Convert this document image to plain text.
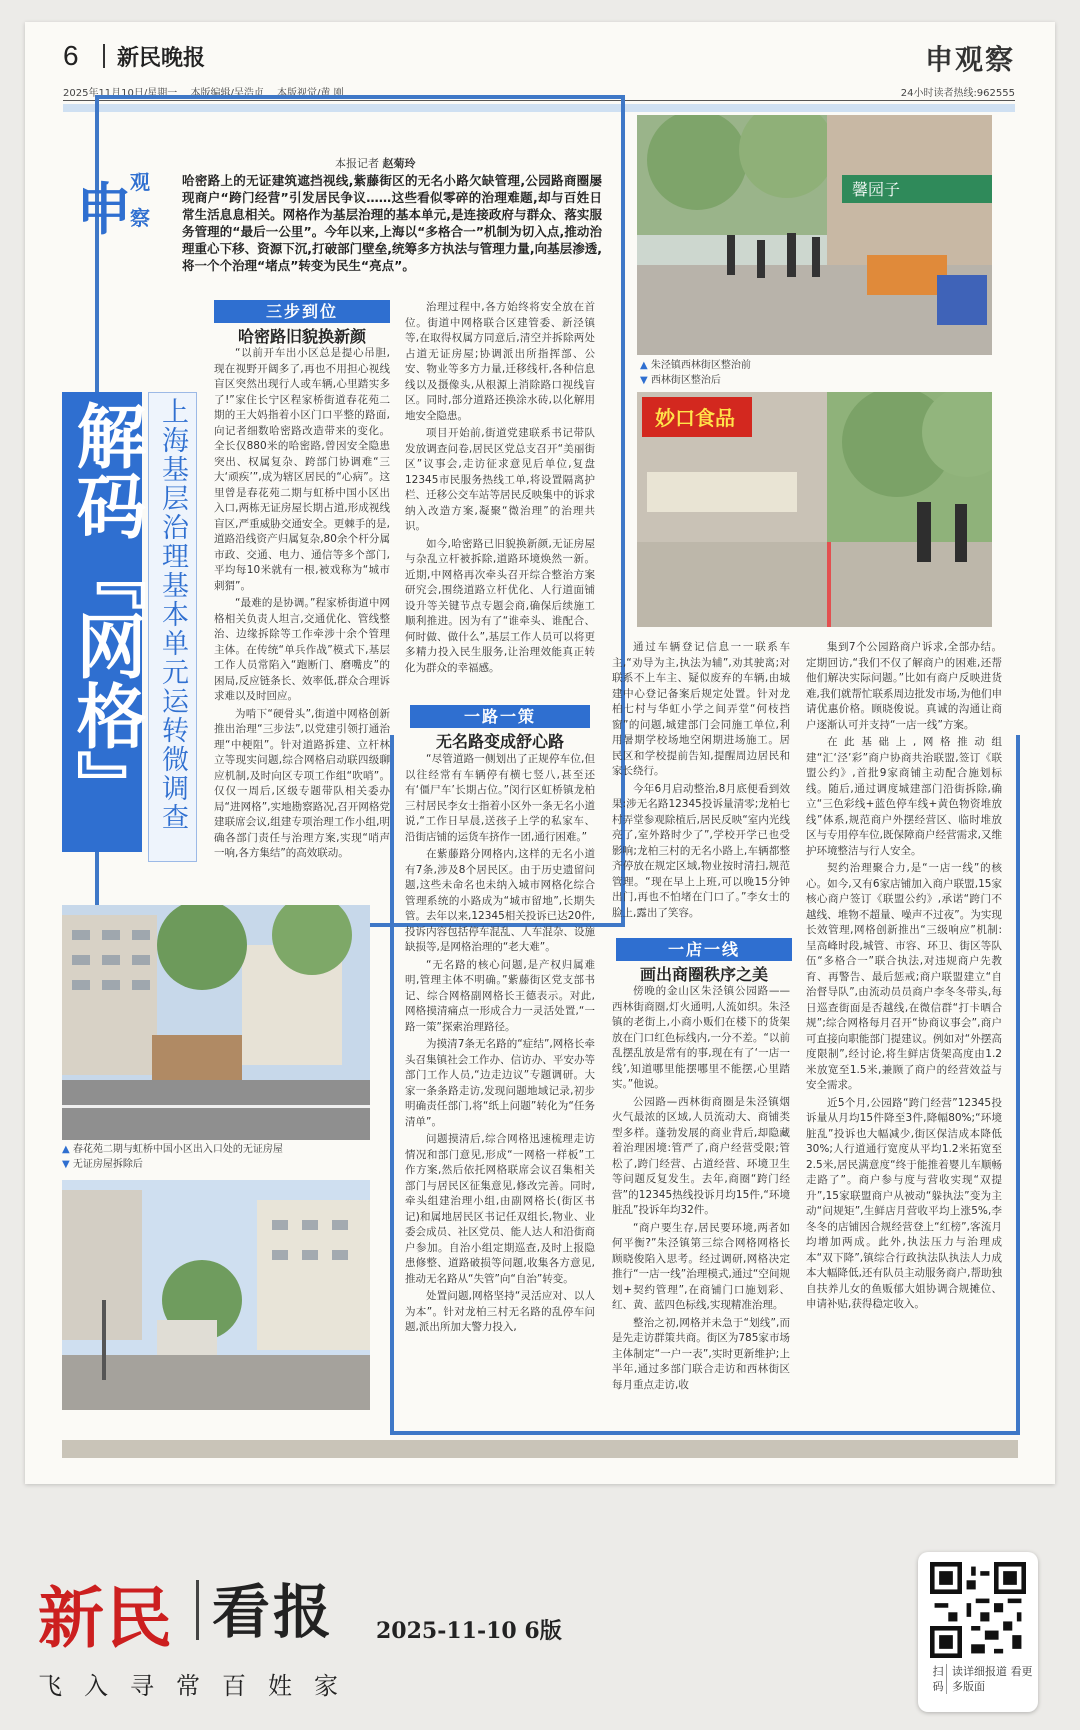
6 新民晚报	申观察
2025年11月10日/星期一 本版编辑/吴浩贞 本版视觉/黄 刚	24小时读者热线:962555
申
观
察
本报记者 赵菊玲
哈密路上的无证建筑遮挡视线,紫藤街区的无名小路欠缺管理,公园路商圈屡现商户“跨门经营”引发居民争议……这些看似零碎的治理难题,却与百姓日常生活息息相关。网格作为基层治理的基本单元,是连接政府与群众、落实服务管理的“最后一公里”。今年以来,上海以“多格合一”机制为切入点,推动治理重心下移、资源下沉,打破部门壁垒,统筹多方执法与管理力量,向基层渗透,将一个个治理“堵点”转变为民生“亮点”。
解码『网格』 上海基层治理基本单元运转微调查
三步到位
哈密路旧貌换新颜

“以前开车出小区总是提心吊胆,现在视野开阔多了,再也不用担心视线盲区突然出现行人或车辆,心里踏实多了!”家住长宁区程家桥街道春花苑二期的王大妈指着小区门口平整的路面,向记者细数哈密路改造带来的变化。全长仅880米的哈密路,曾因安全隐患突出、权属复杂、跨部门协调难“三大‘顽疾’”,成为辖区居民的“心病”。这里曾是春花苑二期与虹桥中国小区出入口,两栋无证房屋长期占道,形成视线盲区,严重威胁交通安全。更棘手的是,道路沿线资产归属复杂,80余个杆分属市政、交通、电力、通信等多个部门,平均每10米就有一根,被戏称为“城市刺猬”。

“最难的是协调。”程家桥街道中网格相关负责人坦言,交通优化、管线整治、边缘拆除等工作牵涉十余个管理主体。在传统“单兵作战”模式下,基层工作人员常陷入“跑断门、磨嘴皮”的困局,反应链条长、效率低,群众合理诉求难以及时回应。

为啃下“硬骨头”,街道中网格创新推出治理“三步法”,以党建引领打通治理“中梗阻”。针对道路拆建、立杆林立等现实问题,综合网格启动联四级聊应机制,及时向区专项工作组“吹哨”。仅仅一周后,区级专题带队相关委办局“进网格”,实地勘察路况,召开网格党建联席会议,组建专项治理工作小组,明确各部门责任与治理方案,实现“哨声一响,各方集结”的高效联动。

治理过程中,各方始终将安全放在首位。街道中网格联合区建管委、新泾镇等,在取得权属方同意后,清空并拆除两处占道无证房屋;协调派出所指挥部、公安、物业等多方力量,迁移线杆,各种信息线以及摄像头,从根源上消除路口视线盲区。同时,部分道路还换涂水砖,以化解用地安全隐患。

项目开始前,街道党建联系书记带队发放调查问卷,居民区党总支召开“美丽街区”议事会,走访征求意见后单位,复盘12345市民服务热线工单,将设置隔离护栏、迁移公交车站等居民反映集中的诉求纳入改造方案,凝聚“微治理”的治理共识。

如今,哈密路已旧貌换新颜,无证房屋与杂乱立杆被拆除,道路环境焕然一新。近期,中网格再次牵头召开综合整治方案研究会,围绕道路立杆优化、人行道面铺设升等关键节点专题会商,确保后续施工顺利推进。因为有了“谁牵头、谁配合、何时做、做什么”,基层工作人员可以将更多精力投入民生服务,让治理效能真正转化为群众的幸福感。

一路一策
无名路变成舒心路

“尽管道路一侧划出了正规停车位,但以往经常有车辆停有横七竖八,甚至还有‘僵尸车’长期占位。”闵行区虹桥镇龙柏三村居民李女士指着小区外一条无名小道说,“工作日早晨,送孩子上学的私家车、沿街店铺的运货车挤作一团,通行困难。”

在紫藤路分网格内,这样的无名小道有7条,涉及8个居民区。由于历史遗留问题,这些未命名也未纳入城市网格化综合管理系统的小路成为“城市留地”,长期失管。去年以来,12345相关投诉已达20件,投诉内容包括停车混乱、人车混杂、设施缺损等,是网格治理的“老大难”。

“无名路的核心问题,是产权归属难明,管理主体不明确。”紫藤街区党支部书记、综合网格副网格长王德表示。对此,网格摸清痛点一形成合力一灵活处置,“一路一策”探索治理路径。

为摸清7条无名路的“症结”,网格长牵头召集镇社会工作办、信访办、平安办等部门工作人员,“边走边议”专题调研。大家一条条路走访,发现问题地域记录,初步明确责任部门,将“纸上问题”转化为“任务清单”。

问题摸清后,综合网格迅速梳理走访情况和部门意见,形成“一网格一样板”工作方案,然后依托网格联席会议召集相关部门与居民区征集意见,修改完善。同时,牵头组建治理小组,由副网格长(街区书记)和属地居民区书记任双组长,物业、业委会成员、社区党员、能人达人和沿街商户参加。自治小组定期巡查,及时上报隐患修整、道路破损等问题,收集各方意见,推动无名路从“失管”向“自治”转变。

处置问题,网格坚持“灵活应对、以人为本”。针对龙柏三村无名路的乱停车问题,派出所加大警力投入,

馨园子
▲ 朱泾镇西林街区整治前
▼ 西林街区整治后
妙口食品

通过车辆登记信息一一联系车主,“劝导为主,执法为辅”,劝其驶离;对联系不上车主、疑似废弃的车辆,由城建中心登记备案后规定处置。针对龙柏七村与华虹小学之间弄堂“何枝挡窗”的问题,城建部门会同施工单位,利用暑期学校场地空闲期进场施工。居民区和学校提前告知,提醒周边居民和家长绕行。

今年6月启动整治,8月底便看到效果:涉无名路12345投诉量清零;龙柏七村弄堂参观除植后,居民反映“室内光线亮了,室外路时少了”,学校开学已也受影响;龙柏三村的无名小路上,车辆都整齐停放在规定区域,物业按时清扫,规范管理。“现在早上上班,可以晚15分钟出门,再也不怕堵在门口了。”李女士的脸上,露出了笑容。

一店一线
画出商圈秩序之美

傍晚的金山区朱泾镇公园路——西林街商圈,灯火通明,人流如织。朱泾镇的老街上,小商小贩们在楼下的货架放在门口红色标线内,一分不差。“以前乱摆乱放是常有的事,现在有了‘一店一线’,知道哪里能摆哪里不能摆,心里踏实。”他说。

公园路—西林街商圈是朱泾镇烟火气最浓的区域,人员流动大、商铺类型多样。蓬勃发展的商业背后,却隐藏着治理困境:管严了,商户经营受限;管松了,跨门经营、占道经营、环境卫生等问题反复发生。去年,商圈“跨门经营”的12345热线投诉月均15件,“环境脏乱”投诉年均32件。

“商户要生存,居民要环境,两者如何平衡?”朱泾镇第三综合网格网格长顾晓俊陷入思考。经过调研,网格决定推行“一店一线”治理模式,通过“空间规划+契约管理”,在商铺门口施划彩、红、黄、蓝四色标线,实现精准治理。

整治之初,网格并未急于“划线”,而是先走访群策共商。街区为785家市场主体制定“一户一表”,实时更新维护;上半年,通过多部门联合走访和西林街区每月重点走访,收

集到7个公园路商户诉求,全部办结。定期回访,“我们不仅了解商户的困难,还帮他们解决实际问题。”比如有商户反映进货难,我们就帮忙联系周边批发市场,为他们申请优惠价格。顾晓俊说。真诚的沟通让商户逐渐认可并支持“一店一线”方案。

在此基础上,网格推动组建“汇‘泾’彩”商户协商共治联盟,签订《联盟公约》,首批9家商铺主动配合施划标线。随后,通过调度城建部门沿街拆除,确立“三色彩线+蓝色停车线+黄色物资堆放线”体系,规范商户外摆经营区、临时堆放区与专用停车位,既保障商户经营需求,又维护环境整洁与行人安全。

契约治理聚合力,是“一店一线”的核心。如今,又有6家店铺加入商户联盟,15家核心商户签订《联盟公约》,承诺“跨门不越线、堆物不超量、噪声不过夜”。为实现长效管理,网格创新推出“三级响应”机制:呈高峰时段,城管、市容、环卫、街区等队伍“多格合一”联合执法,对违规商户先教育、再警告、最后惩戒;商户联盟建立“自治督导队”,由流动员员商户李冬冬带头,每日巡查街面是否越线,在微信群“打卡晒合规”;综合网格每月召开“协商议事会”,商户可直接向职能部门提建议。例如对“外摆高度限制”,经讨论,将生鲜店货架高度由1.2米放宽至1.5米,兼顾了商户的经营效益与安全需求。

近5个月,公园路“跨门经营”12345投诉量从月均15件降至3件,降幅80%;“环境脏乱”投诉也大幅减少,街区保洁成本降低30%;人行道通行宽度从平均1.2米拓宽至2.5米,居民满意度“终于能推着婴儿车顺畅走路了”。商户参与度与营收实现“双提升”,15家联盟商户从被动“躲执法”变为主动“问规矩”,生鲜店月营收平均上涨5%,李冬冬的店铺因合规经营登上“红榜”,客流月均增加两成。此外,执法压力与治理成本“双下降”,镇综合行政执法队执法人力成本大幅降低,还有队员主动服务商户,帮助独自扶养儿女的鱼贩郁大姐协调合规摊位、申请补贴,获得稳定收入。

▲ 春花苑二期与虹桥中国小区出入口处的无证房屋
▼ 无证房屋拆除后
新民 看报 2025-11-10 6版
飞入寻常百姓家
扫码
读详细报道 看更多版面
